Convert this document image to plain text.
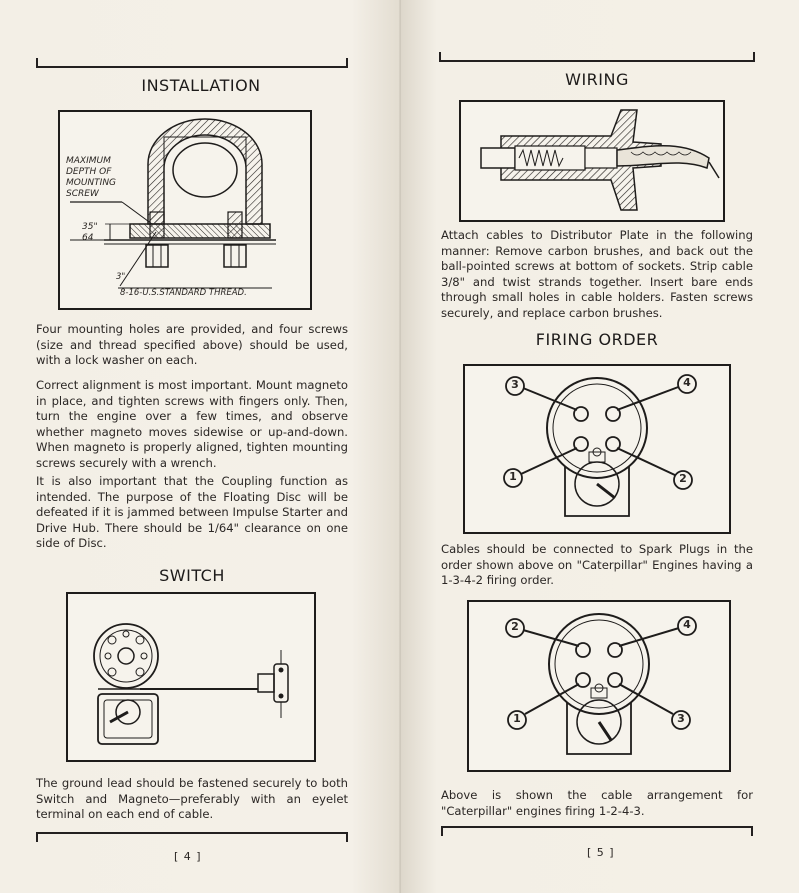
INSTALLATION
MAXIMUM
DEPTH OF
MOUNTING
SCREW
35"
64
3"
8-16-U.S.STANDARD THREAD.
Four mounting holes are provided, and four screws (size and thread specified above) should be used, with a lock washer on each.
Correct alignment is most important. Mount magneto in place, and tighten screws with fingers only. Then, turn the engine over a few times, and observe whether magneto moves sidewise or up-and-down. When magneto is properly aligned, tighten mounting screws securely with a wrench.
It is also important that the Coupling function as intended. The purpose of the Floating Disc will be defeated if it is jammed between Impulse Starter and Drive Hub. There should be 1/64" clearance on one side of Disc.
SWITCH
The ground lead should be fastened securely to both Switch and Magneto—preferably with an eyelet terminal on each end of cable.
[ 4 ]
WIRING
Attach cables to Distributor Plate in the following manner: Remove carbon brushes, and back out the ball-pointed screws at bottom of sockets. Strip cable 3/8" and twist strands together. Insert bare ends through small holes in cable holders. Fasten screws securely, and replace carbon brushes.
FIRING ORDER
3	4
1	2
Cables should be connected to Spark Plugs in the order shown above on "Caterpillar" Engines having a 1-3-4-2 firing order.
2	4
1	3
Above is shown the cable arrangement for "Caterpillar" engines firing 1-2-4-3.
[ 5 ]
